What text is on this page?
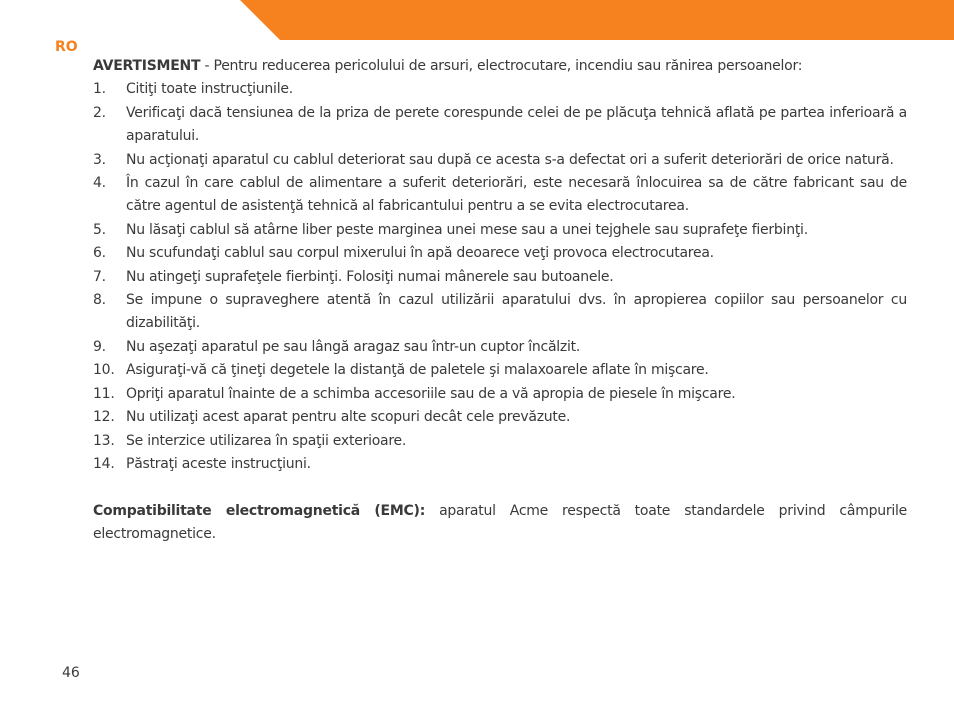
RO

AVERTISMENT - Pentru reducerea pericolului de arsuri, electrocutare, incendiu sau rănirea persoanelor:

1. Citiţi toate instrucţiunile.
2. Verificaţi dacă tensiunea de la priza de perete corespunde celei de pe plăcuţa tehnică aflată pe partea inferioară a aparatului.
3. Nu acţionaţi aparatul cu cablul deteriorat sau după ce acesta s-a defectat ori a suferit deteriorări de orice natură.
4. În cazul în care cablul de alimentare a suferit deteriorări, este necesară înlocuirea sa de către fabricant sau de către agentul de asistenţă tehnică al fabricantului pentru a se evita electrocutarea.
5. Nu lăsaţi cablul să atârne liber peste marginea unei mese sau a unei tejghele sau suprafeţe fierbinţi.
6. Nu scufundaţi cablul sau corpul mixerului în apă deoarece veţi provoca electrocutarea.
7. Nu atingeţi suprafeţele fierbinţi. Folosiţi numai mânerele sau butoanele.
8. Se impune o supraveghere atentă în cazul utilizării aparatului dvs. în apropierea copiilor sau persoanelor cu dizabilităţi.
9. Nu aşezaţi aparatul pe sau lângă aragaz sau într-un cuptor încălzit.
10. Asiguraţi-vă că ţineţi degetele la distanţă de paletele şi malaxoarele aflate în mişcare.
11. Opriţi aparatul înainte de a schimba accesoriile sau de a vă apropia de piesele în mişcare.
12. Nu utilizaţi acest aparat pentru alte scopuri decât cele prevăzute.
13. Se interzice utilizarea în spaţii exterioare.
14. Păstraţi aceste instrucţiuni.

Compatibilitate electromagnetică (EMC): aparatul Acme respectă toate standardele privind câmpurile electromagnetice.

46
